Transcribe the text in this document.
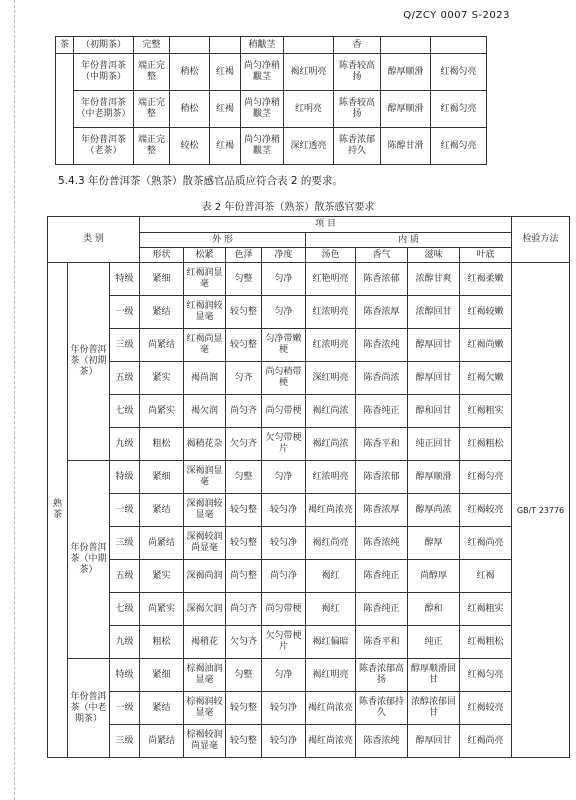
Q/ZCY 0007 S-2023
茶	（初期茶）	完整			稍黻茎		香		
	年份普洱茶（中期茶）	端正完整	稍松	红褐	尚匀净稍黻茎	褐红明亮	陈香较高扬	醇厚顺滑	红褐匀亮
	年份普洱茶（中老期茶）	端正完整	稍松	红褐	尚匀净稍黻茎	红明亮	陈香较高扬	醇厚顺滑	红褐匀亮
	年份普洱茶（老茶）	端正完整	较松	红褐	尚匀净稍黻茎	深红透亮	陈香浓郁持久	陈醇甘滑	红褐匀亮
5.4.3 年份普洱茶（熟茶）散茶感官品质应符合表 2 的要求。
表 2 年份普洱茶（熟茶）散茶感官要求
类 别			项 目								检验方法
			外 形				内 质				
			形状	松紧	色泽	净度	汤色	香气	滋味	叶底	
熟茶	年份普洱茶（初期茶）	特级	紧细	红褐润显毫	匀整	匀净	红艳明亮	陈香浓郁	浓醇甘爽	红褐柔嫩	GB/T 23776
		一级	紧结	红褐润较显毫	较匀整	匀净	红浓明亮	陈香浓厚	浓醇回甘	红褐较嫩	
		三级	尚紧结	红褐尚显毫	较匀整	匀净带嫩梗	红浓明亮	陈香浓纯	醇厚回甘	红褐尚嫩	
		五级	紧实	褐尚润	匀齐	尚匀稍带梗	深红明亮	陈香尚浓	醇厚回甘	红褐欠嫩	
		七级	尚紧实	褐欠润	尚匀齐	尚匀带梗	褐红尚浓	陈香纯正	醇和回甘	红褐粗实	
		九级	粗松	褐稍花杂	欠匀齐	欠匀带梗片	褐红尚浓	陈香平和	纯正回甘	红褐粗松	
	年份普洱茶（中期茶）	特级	紧细	深褐润显毫	匀整	匀净	红浓明亮	陈香浓郁	醇厚顺滑	红褐匀亮	
		一级	紧结	深褐润较显毫	较匀整	较匀净	褐红尚浓亮	陈香浓厚	醇厚尚浓	红褐较亮	
		三级	尚紧结	深褐较润尚显毫	较匀整	较匀净	褐红尚亮	陈香浓纯	醇厚	红褐尚亮	
		五级	紧实	深褐尚润	尚匀整	尚匀净	褐红	陈香纯正	尚醇厚	红褐	
		七级	尚紧实	深褐欠润	尚匀齐	尚匀带梗	褐红	陈香纯正	醇和	红褐粗实	
		九级	粗松	褐稍花	欠匀齐	欠匀带梗片	褐红偏暗	陈香平和	纯正	红褐粗松	
	年份普洱茶（中老期茶）	特级	紧细	棕褐油润显毫	匀整	匀净	褐红明亮	陈香浓郁高扬	醇厚顺滑回甘	红褐匀亮	
		一级	紧结	棕褐润较显毫	较匀整	较匀净	褐红尚浓亮	陈香浓郁持久	浓醇浓郁回甘	红褐较亮	
		三级	尚紧结	棕褐较润尚显毫	较匀整	较匀净	褐红尚浓亮	陈香浓纯	醇厚回甘	红褐尚亮	
